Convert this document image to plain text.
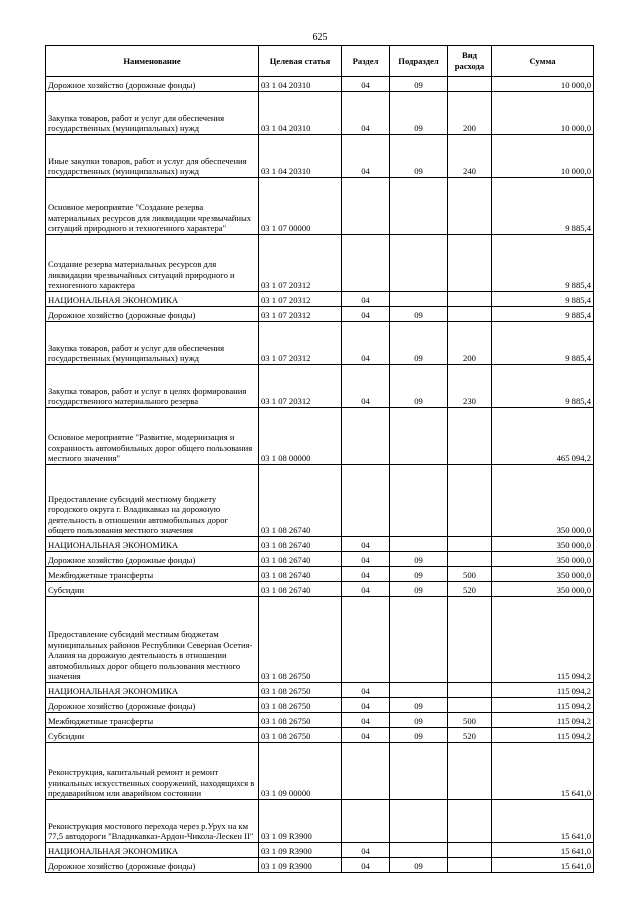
625
Наименование	Целевая статья	Раздел	Подраздел	Вид расхода	Сумма
Дорожное хозяйство (дорожные фонды)	03 1 04 20310	04	09		10 000,0
Закупка товаров, работ и услуг для обеспечения государственных (муниципальных) нужд	03 1 04 20310	04	09	200	10 000,0
Иные закупки товаров, работ и услуг для обеспечения государственных (муниципальных) нужд	03 1 04 20310	04	09	240	10 000,0
Основное мероприятие "Создание резерва материальных ресурсов для ликвидации чрезвычайных ситуаций природного и техногенного характера"	03 1 07 00000				9 885,4
Создание резерва материальных ресурсов для ликвидации чрезвычайных ситуаций природного и техногенного характера	03 1 07 20312				9 885,4
НАЦИОНАЛЬНАЯ ЭКОНОМИКА	03 1 07 20312	04			9 885,4
Дорожное хозяйство (дорожные фонды)	03 1 07 20312	04	09		9 885,4
Закупка товаров, работ и услуг для обеспечения государственных (муниципальных) нужд	03 1 07 20312	04	09	200	9 885,4
Закупка товаров, работ и услуг в целях формирования государственного материального резерва	03 1 07 20312	04	09	230	9 885,4
Основное мероприятие "Развитие, модернизация и сохранность автомобильных дорог общего пользования местного значения"	03 1 08 00000				465 094,2
Предоставление субсидий местному бюджету городского округа г. Владикавказ на дорожную деятельность в отношении автомобильных дорог общего пользования местного значения	03 1 08 26740				350 000,0
НАЦИОНАЛЬНАЯ ЭКОНОМИКА	03 1 08 26740	04			350 000,0
Дорожное хозяйство (дорожные фонды)	03 1 08 26740	04	09		350 000,0
Межбюджетные трансферты	03 1 08 26740	04	09	500	350 000,0
Субсидии	03 1 08 26740	04	09	520	350 000,0
Предоставление субсидий местным бюджетам муниципальных районов Республики Северная Осетия-Алания на дорожную деятельность в отношении автомобильных дорог общего пользования местного значения	03 1 08 26750				115 094,2
НАЦИОНАЛЬНАЯ ЭКОНОМИКА	03 1 08 26750	04			115 094,2
Дорожное хозяйство (дорожные фонды)	03 1 08 26750	04	09		115 094,2
Межбюджетные трансферты	03 1 08 26750	04	09	500	115 094,2
Субсидии	03 1 08 26750	04	09	520	115 094,2
Реконструкция, капитальный ремонт и ремонт уникальных искусственных сооружений, находящихся в предаварийном или аварийном состоянии	03 1 09 00000				15 641,0
Реконструкция мостового перехода через р.Урух на км 77,5 автодороги "Владикавказ-Ардон-Чикола-Лескен II"	03 1 09 R3900				15 641,0
НАЦИОНАЛЬНАЯ ЭКОНОМИКА	03 1 09 R3900	04			15 641,0
Дорожное хозяйство (дорожные фонды)	03 1 09 R3900	04	09		15 641,0
